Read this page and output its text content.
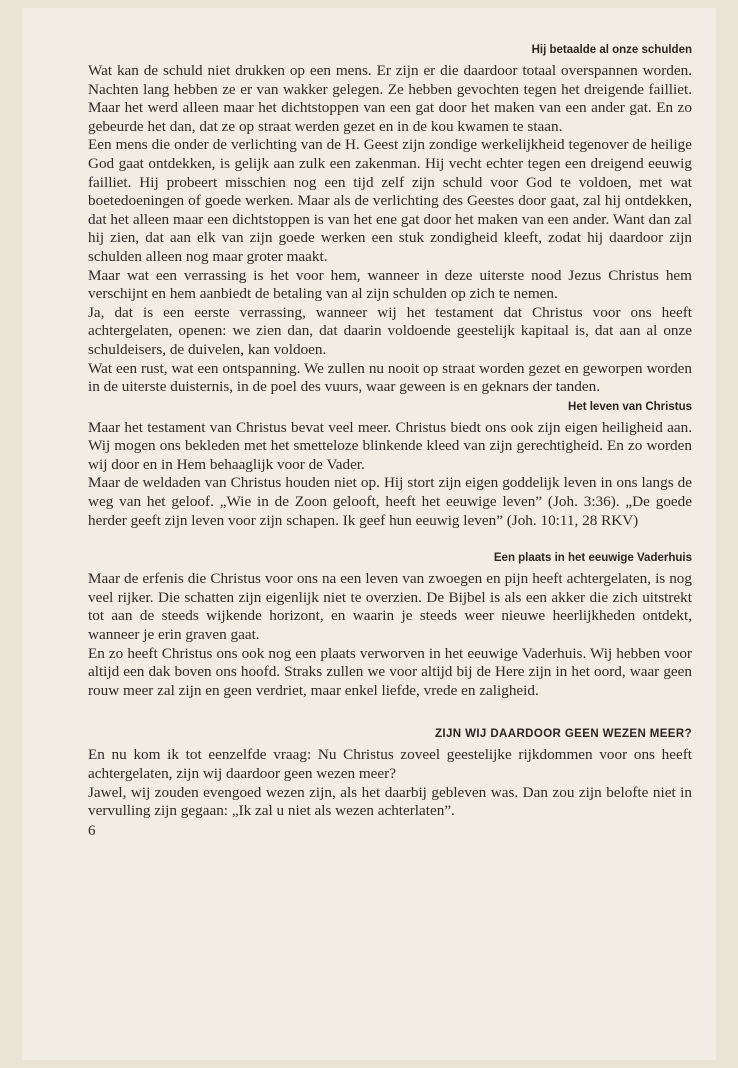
Hij betaalde al onze schulden

Wat kan de schuld niet drukken op een mens. Er zijn er die daardoor totaal overspannen worden. Nachten lang hebben ze er van wakker gelegen. Ze hebben gevochten tegen het dreigende failliet. Maar het werd alleen maar het dichtstoppen van een gat door het maken van een ander gat. En zo gebeurde het dan, dat ze op straat werden gezet en in de kou kwamen te staan.

Een mens die onder de verlichting van de H. Geest zijn zondige werkelijkheid tegenover de heilige God gaat ontdekken, is gelijk aan zulk een zakenman. Hij vecht echter tegen een dreigend eeuwig failliet. Hij probeert misschien nog een tijd zelf zijn schuld voor God te voldoen, met wat boetedoeningen of goede werken. Maar als de verlichting des Geestes door gaat, zal hij ontdekken, dat het alleen maar een dichtstoppen is van het ene gat door het maken van een ander. Want dan zal hij zien, dat aan elk van zijn goede werken een stuk zondigheid kleeft, zodat hij daardoor zijn schulden alleen nog maar groter maakt.

Maar wat een verrassing is het voor hem, wanneer in deze uiterste nood Jezus Christus hem verschijnt en hem aanbiedt de betaling van al zijn schulden op zich te nemen.

Ja, dat is een eerste verrassing, wanneer wij het testament dat Christus voor ons heeft achtergelaten, openen: we zien dan, dat daarin voldoende geestelijk kapitaal is, dat aan al onze schuldeisers, de duivelen, kan voldoen.

Wat een rust, wat een ontspanning. We zullen nu nooit op straat worden gezet en geworpen worden in de uiterste duisternis, in de poel des vuurs, waar geween is en geknars der tanden.

Het leven van Christus

Maar het testament van Christus bevat veel meer. Christus biedt ons ook zijn eigen heiligheid aan. Wij mogen ons bekleden met het smetteloze blinkende kleed van zijn gerechtigheid. En zo worden wij door en in Hem behaaglijk voor de Vader.

Maar de weldaden van Christus houden niet op. Hij stort zijn eigen goddelijk leven in ons langs de weg van het geloof. „Wie in de Zoon gelooft, heeft het eeuwige leven” (Joh. 3:36). „De goede herder geeft zijn leven voor zijn schapen. Ik geef hun eeuwig leven” (Joh. 10:11, 28 RKV)

Een plaats in het eeuwige Vaderhuis

Maar de erfenis die Christus voor ons na een leven van zwoegen en pijn heeft achtergelaten, is nog veel rijker. Die schatten zijn eigenlijk niet te overzien. De Bijbel is als een akker die zich uitstrekt tot aan de steeds wijkende horizont, en waarin je steeds weer nieuwe heerlijkheden ontdekt, wanneer je erin graven gaat.

En zo heeft Christus ons ook nog een plaats verworven in het eeuwige Vaderhuis. Wij hebben voor altijd een dak boven ons hoofd. Straks zullen we voor altijd bij de Here zijn in het oord, waar geen rouw meer zal zijn en geen verdriet, maar enkel liefde, vrede en zaligheid.

ZIJN WIJ DAARDOOR GEEN WEZEN MEER?

En nu kom ik tot eenzelfde vraag: Nu Christus zoveel geestelijke rijkdommen voor ons heeft achtergelaten, zijn wij daardoor geen wezen meer?

Jawel, wij zouden evengoed wezen zijn, als het daarbij gebleven was. Dan zou zijn belofte niet in vervulling zijn gegaan: „Ik zal u niet als wezen achterlaten”.

6
